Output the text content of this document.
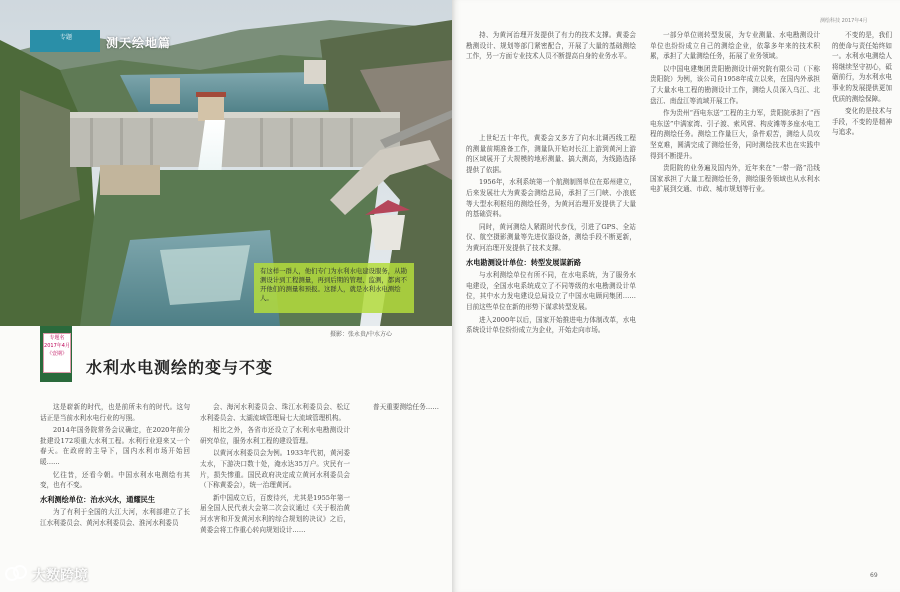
专题	测天绘地篇
有这样一群人，他们专门为水利水电建设服务，从勘测设计到工程测量，再到后期的管理、监测，都离不开他们的测量和预报。这群人，就是水利水电测绘人。
摄影：张永贵/中水方心
专题名
2017年4月
《壹期》
水利水电测绘的变与不变

这是崭新的时代，也是前所未有的时代。这句话正是当前水利水电行业的写照。

2014年国务院常务会议确定，在2020年前分批建设172项重大水利工程。水利行业迎来又一个春天。在政府的主导下，国内水利市场开始回暖……

忆往昔，还看今朝。中国水利水电测绘有其变，也有不变。

水利测绘单位：治水兴水，通耀民生

为了有利于全国的大江大河，水利部建立了长江水利委员会、黄河水利委员会、淮河水利委员

会、海河水利委员会、珠江水利委员会、松辽水利委员会、太湖流域管理局七大流域管理机构。

相比之外，各省市还设立了水利水电勘测设计研究单位，服务水利工程的建设管理。

以黄河水利委员会为例。1933年代初，黄河委太水，下游决口数十处，淹水达35万户。灾民有一片，损失惨重。国民政府决定成立黄河水利委员会（下称黄委会），统一治理黄河。

新中国成立后，百废待兴，尤其是1955年第一届全国人民代表大会第二次会议通过《关于根治黄河水害和开发黄河水利的综合规划的决议》之后，黄委会将工作重心转向规划设计……

普天重要测绘任务……

大数跨境
测绘科技 2017年4月

持、为黄河治理开发提供了有力的技术支撑。黄委会勘测设计、规划等部门紧密配合，开展了大量的基础测绘工作，另一方面专业技术人员不断提高自身的业务水平。

上世纪五十年代，黄委会又多方了向水北调西线工程的测量前期准备工作，测量队开始对长江上游到黄河上游的区域展开了大规模的地形测量、搞大测高，为线路选择提供了依据。

1956年，水利系统第一个航测制图单位在郑州建立，后来发展壮大为黄委会测绘总局，承担了三门峡、小浪底等大型水利枢纽的测绘任务，为黄河治理开发提供了大量的基础资料。

同时，黄河测绘人紧跟时代步伐，引进了GPS、全站仪、航空摄影测量等先进仪器设备，测绘手段不断更新，为黄河治理开发提供了技术支撑。

水电勘测设计单位：转型发展谋新路

与水利测绘单位有所不同，在水电系统，为了服务水电建设，全国水电系统成立了不同等级的水电勘测设计单位，其中水力发电建设总局设立了中国水电顾问集团……目前这些单位在新的形势下谋求转型发展。

进入2000年以后，国家开始推进电力体制改革，水电系统设计单位纷纷成立为企业，开始走向市场。

一部分单位则转型发展，为专业测量、水电勘测设计单位也纷纷成立自己的测绘企业，依靠多年来的技术积累，承担了大量测绘任务，拓展了业务领域。

以中国电建集团贵阳勘测设计研究院有限公司（下称贵阳院）为例，该公司自1958年成立以来，在国内外承担了大量水电工程的勘测设计工作，测绘人员深入乌江、北盘江、南盘江等流域开展工作。

作为贵州“西电东送”工程的主力军，贵阳院承担了“西电东送”中满家湾、引子渡、索风营、构皮滩等多座水电工程的测绘任务。测绘工作量巨大，条件艰苦，测绘人员攻坚克难，圆满完成了测绘任务，同时测绘技术也在实践中得到不断提升。

贵阳院的业务遍及国内外，近年来在“一带一路”沿线国家承担了大量工程测绘任务，测绘服务领域也从水利水电扩展到交通、市政、城市规划等行业。

不变的是，我们的使命与责任始终如一。水利水电测绘人将继续坚守初心，砥砺前行，为水利水电事业的发展提供更加优质的测绘保障。

变化的是技术与手段，不变的是精神与追求。

69
